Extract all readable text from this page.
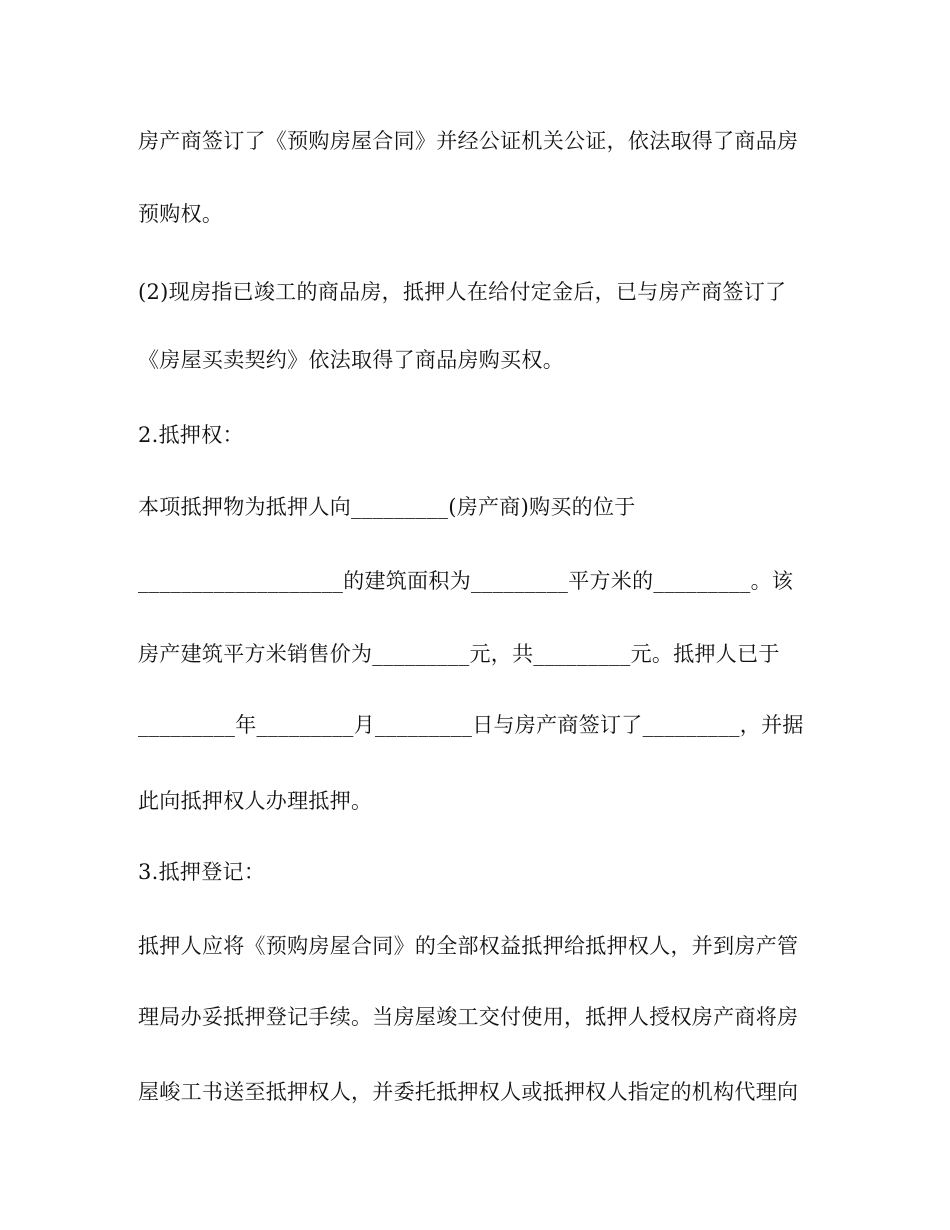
房产商签订了《预购房屋合同》并经公证机关公证，依法取得了商品房
预购权。
(2)现房指已竣工的商品房，抵押人在给付定金后，已与房产商签订了
《房屋买卖契约》依法取得了商品房购买权。
2.抵押权：
本项抵押物为抵押人向_________(房产商)购买的位于
___________________的建筑面积为_________平方米的_________。该
房产建筑平方米销售价为_________元，共_________元。抵押人已于
_________年_________月_________日与房产商签订了_________，并据
此向抵押权人办理抵押。
3.抵押登记：
抵押人应将《预购房屋合同》的全部权益抵押给抵押权人，并到房产管
理局办妥抵押登记手续。当房屋竣工交付使用，抵押人授权房产商将房
屋峻工书送至抵押权人，并委托抵押权人或抵押权人指定的机构代理向
